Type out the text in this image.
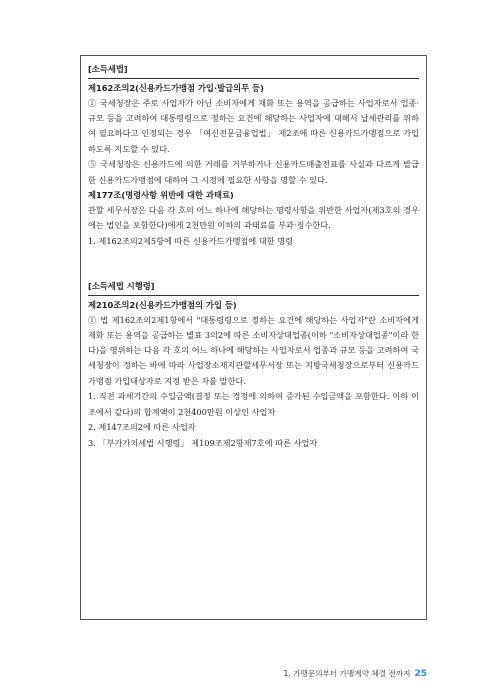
[소득세법]

제162조의2(신용카드가맹점 가입·발급의무 등)

① 국세청장은 주로 사업자가 아닌 소비자에게 재화 또는 용역을 공급하는 사업자로서 업종·규모 등을 고려하여 대통령령으로 정하는 요건에 해당하는 사업자에 대해서 납세관리를 위하여 필요하다고 인정되는 경우 「여신전문금융업법」 제2조에 따른 신용카드가맹점으로 가입하도록 지도할 수 있다.

⑤ 국세청장은 신용카드에 의한 거래를 거부하거나 신용카드매출전표를 사실과 다르게 발급한 신용카드가맹점에 대하여 그 시정에 필요한 사항을 명할 수 있다.

제177조(명령사항 위반에 대한 과태료)

관할 세무서장은 다음 각 호의 어느 하나에 해당하는 명령사항을 위반한 사업자(제3호의 경우에는 법인을 포함한다)에게 2천만원 이하의 과태료를 부과·징수한다.

1. 제162조의2제5항에 따른 신용카드가맹점에 대한 명령

[소득세법 시행령]

제210조의2(신용카드가맹점의 가입 등)

① 법 제162조의2제1항에서 "대통령령으로 정하는 요건에 해당하는 사업자"란 소비자에게 재화 또는 용역을 공급하는 별표 3의2에 따른 소비자상대업종(이하 "소비자상대업종"이라 한다)을 영위하는 다음 각 호의 어느 하나에 해당하는 사업자로서 업종과 규모 등을 고려하여 국세청장이 정하는 바에 따라 사업장소재지관할세무서장 또는 지방국세청장으로부터 신용카드가맹점 가입대상자로 지정 받은 자를 말한다.

1. 직전 과세기간의 수입금액(결정 또는 경정에 의하여 증가된 수입금액을 포함한다. 이하 이 조에서 같다)의 합계액이 2천400만원 이상인 사업자

2. 제147조의2에 따른 사업자

3. 「부가가치세법 시행령」 제109조제2항제7호에 따른 사업자

1. 가맹문의부터 가맹계약 체결 전까지 25
